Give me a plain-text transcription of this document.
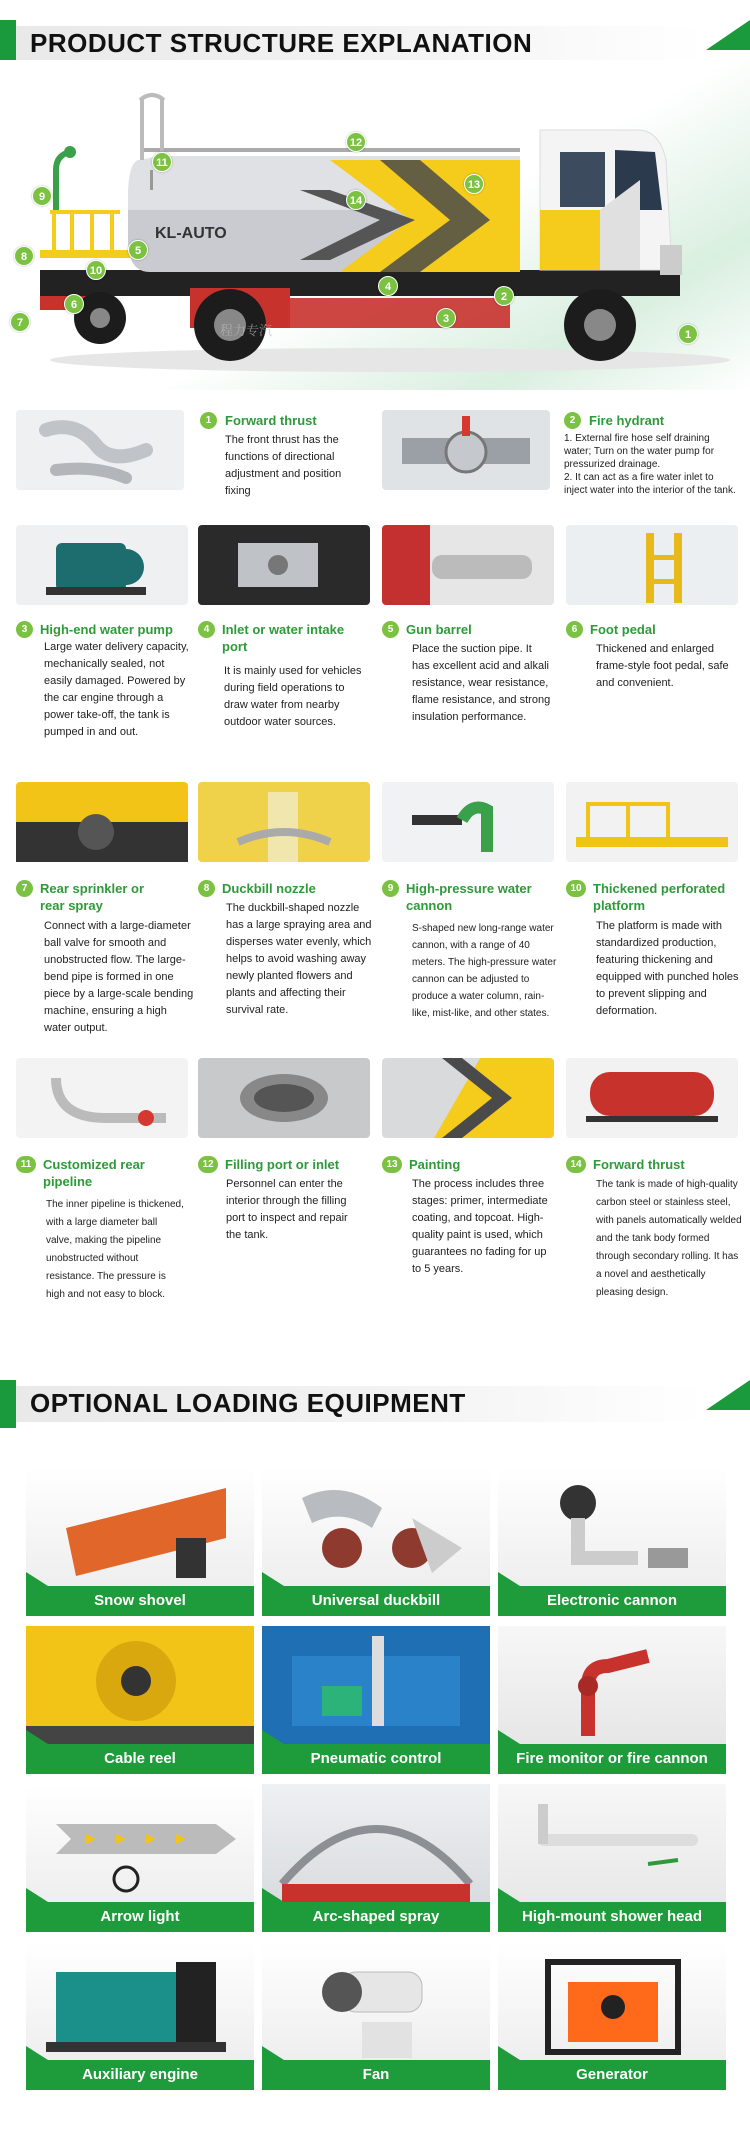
PRODUCT STRUCTURE EXPLANATION
KL-AUTO
程力专汽	1
2
3
4
5
6
7
8
9
10
11
12
13
14
1	Forward thrust
The front thrust has the functions of directional adjustment and position fixing
2	Fire hydrant
1. External fire hose self draining water; Turn on the water pump for pressurized drainage.
2. It can act as a fire water inlet to inject water into the interior of the tank.
3 High-end water pump
Large water delivery capacity, mechanically sealed, not easily damaged. Powered by the car engine through a power take-off, the tank is pumped in and out.
4 Inlet or water intake port
It is mainly used for vehicles during field operations to draw water from nearby outdoor water sources.
5 Gun barrel
Place the suction pipe. It has excellent acid and alkali resistance, wear resistance, flame resistance, and strong insulation performance.
6 Foot pedal
Thickened and enlarged frame-style foot pedal, safe and convenient.
7 Rear sprinkler or rear spray
Connect with a large-diameter ball valve for smooth and unobstructed flow. The large-bend pipe is formed in one piece by a large-scale bending machine, ensuring a high water output.
8 Duckbill nozzle
The duckbill-shaped nozzle has a large spraying area and disperses water evenly, which helps to avoid washing away newly planted flowers and plants and affecting their survival rate.
9 High-pressure water cannon
S-shaped new long-range water cannon, with a range of 40 meters. The high-pressure water cannon can be adjusted to produce a water column, rain-like, mist-like, and other states.
10 Thickened perforated platform
The platform is made with standardized production, featuring thickening and equipped with punched holes to prevent slipping and deformation.
11 Customized rear pipeline
The inner pipeline is thickened, with a large diameter ball valve, making the pipeline unobstructed without resistance. The pressure is high and not easy to block.
12 Filling port or inlet
Personnel can enter the interior through the filling port to inspect and repair the tank.
13 Painting
The process includes three stages: primer, intermediate coating, and topcoat. High-quality paint is used, which guarantees no fading for up to 5 years.
14 Forward thrust
The tank is made of high-quality carbon steel or stainless steel, with panels automatically welded and the tank body formed through secondary rolling. It has a novel and aesthetically pleasing design.
OPTIONAL LOADING EQUIPMENT
Snow shovel	Universal duckbill	Electronic cannon
Cable reel	Pneumatic control	Fire monitor or fire cannon
Arrow light	Arc-shaped spray	High-mount shower head
Auxiliary engine	Fan	Generator
